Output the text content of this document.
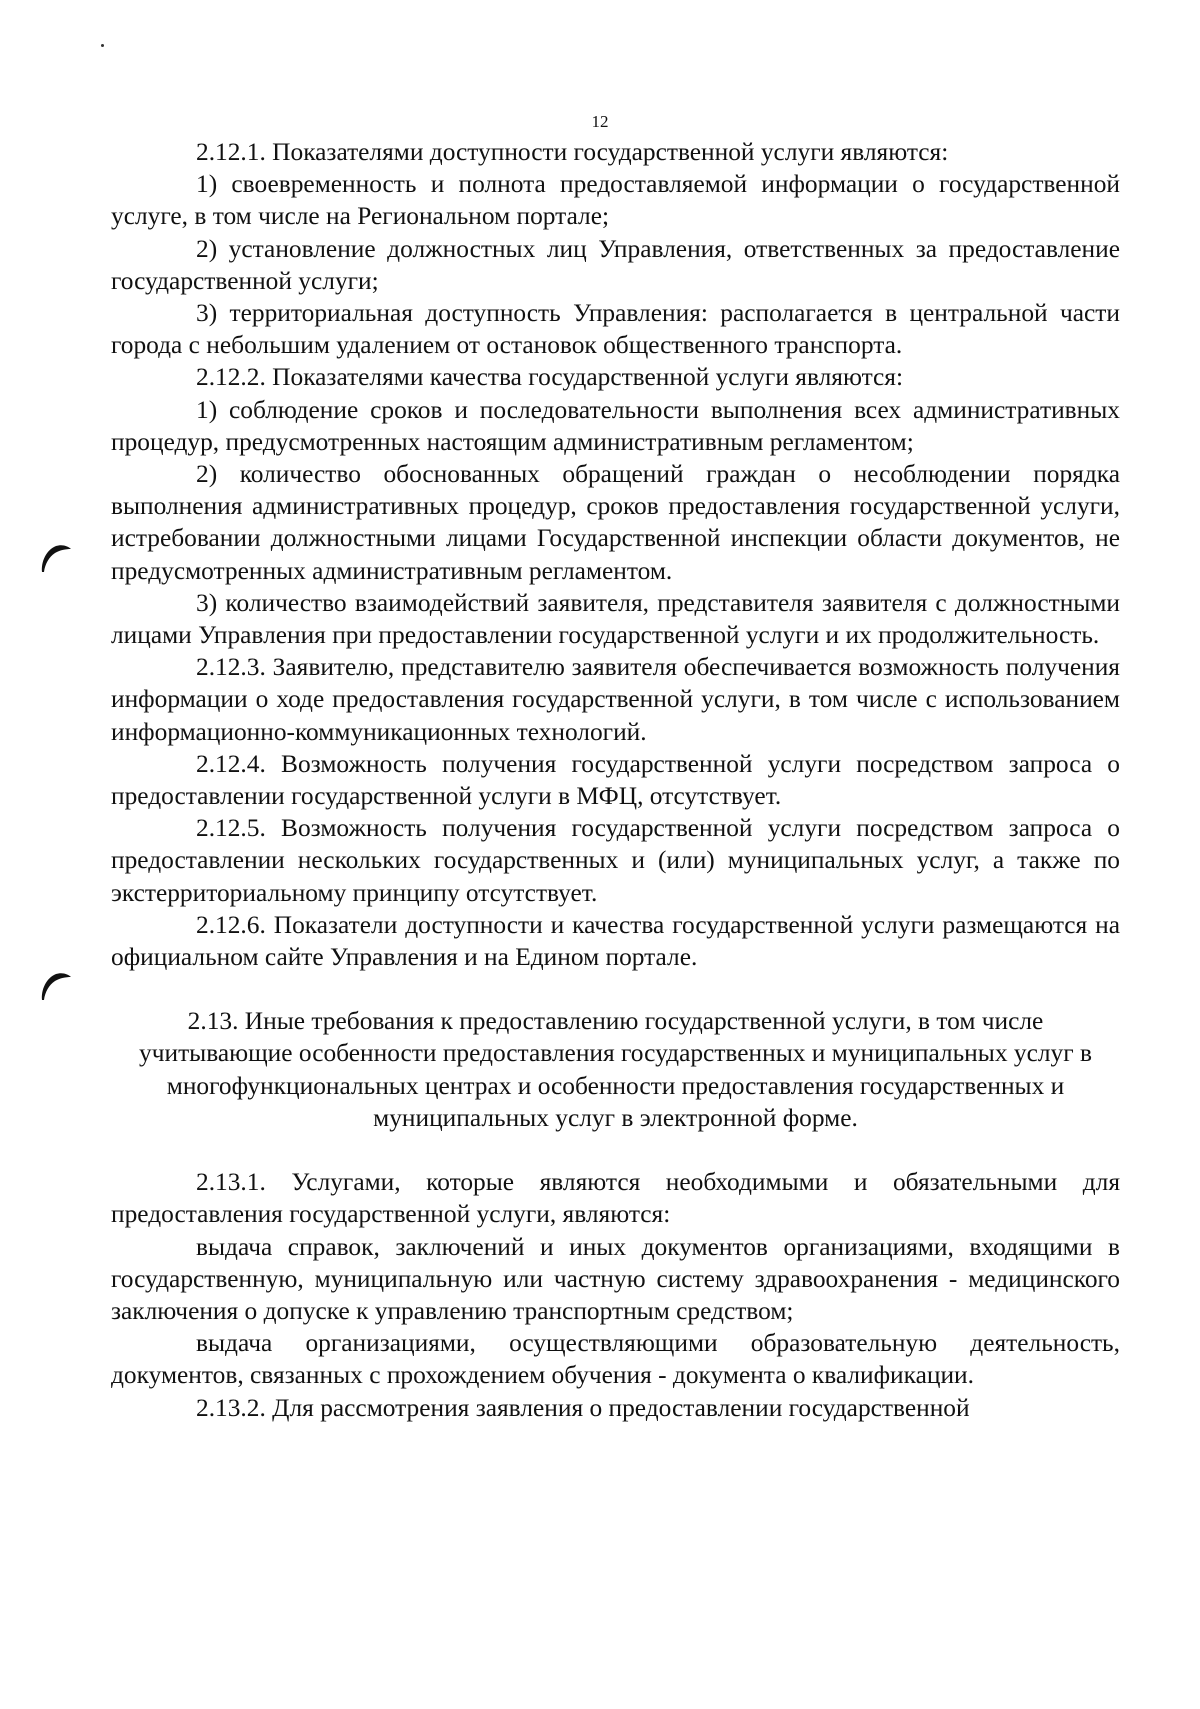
12

2.12.1. Показателями доступности государственной услуги являются:

1) своевременность и полнота предоставляемой информации о государственной услуге, в том числе на Региональном портале;

2) установление должностных лиц Управления, ответственных за предоставление государственной услуги;

3) территориальная доступность Управления: располагается в центральной части города с небольшим удалением от остановок общественного транспорта.

2.12.2. Показателями качества государственной услуги являются:

1) соблюдение сроков и последовательности выполнения всех административных процедур, предусмотренных настоящим административным регламентом;

2) количество обоснованных обращений граждан о несоблюдении порядка выполнения административных процедур, сроков предоставления государственной услуги, истребовании должностными лицами Государственной инспекции области документов, не предусмотренных административным регламентом.

3) количество взаимодействий заявителя, представителя заявителя с должностными лицами Управления при предоставлении государственной услуги и их продолжительность.

2.12.3. Заявителю, представителю заявителя обеспечивается возможность получения информации о ходе предоставления государственной услуги, в том числе с использованием информационно-коммуникационных технологий.

2.12.4. Возможность получения государственной услуги посредством запроса о предоставлении государственной услуги в МФЦ, отсутствует.

2.12.5. Возможность получения государственной услуги посредством запроса о предоставлении нескольких государственных и (или) муниципальных услуг, а также по экстерриториальному принципу отсутствует.

2.12.6. Показатели доступности и качества государственной услуги размещаются на официальном сайте Управления и на Едином портале.

2.13. Иные требования к предоставлению государственной услуги, в том числе учитывающие особенности предоставления государственных и муниципальных услуг в многофункциональных центрах и особенности предоставления государственных и муниципальных услуг в электронной форме.

2.13.1. Услугами, которые являются необходимыми и обязательными для предоставления государственной услуги, являются:

выдача справок, заключений и иных документов организациями, входящими в государственную, муниципальную или частную систему здравоохранения - медицинского заключения о допуске к управлению транспортным средством;

выдача организациями, осуществляющими образовательную деятельность, документов, связанных с прохождением обучения - документа о квалификации.

2.13.2. Для рассмотрения заявления о предоставлении государственной
